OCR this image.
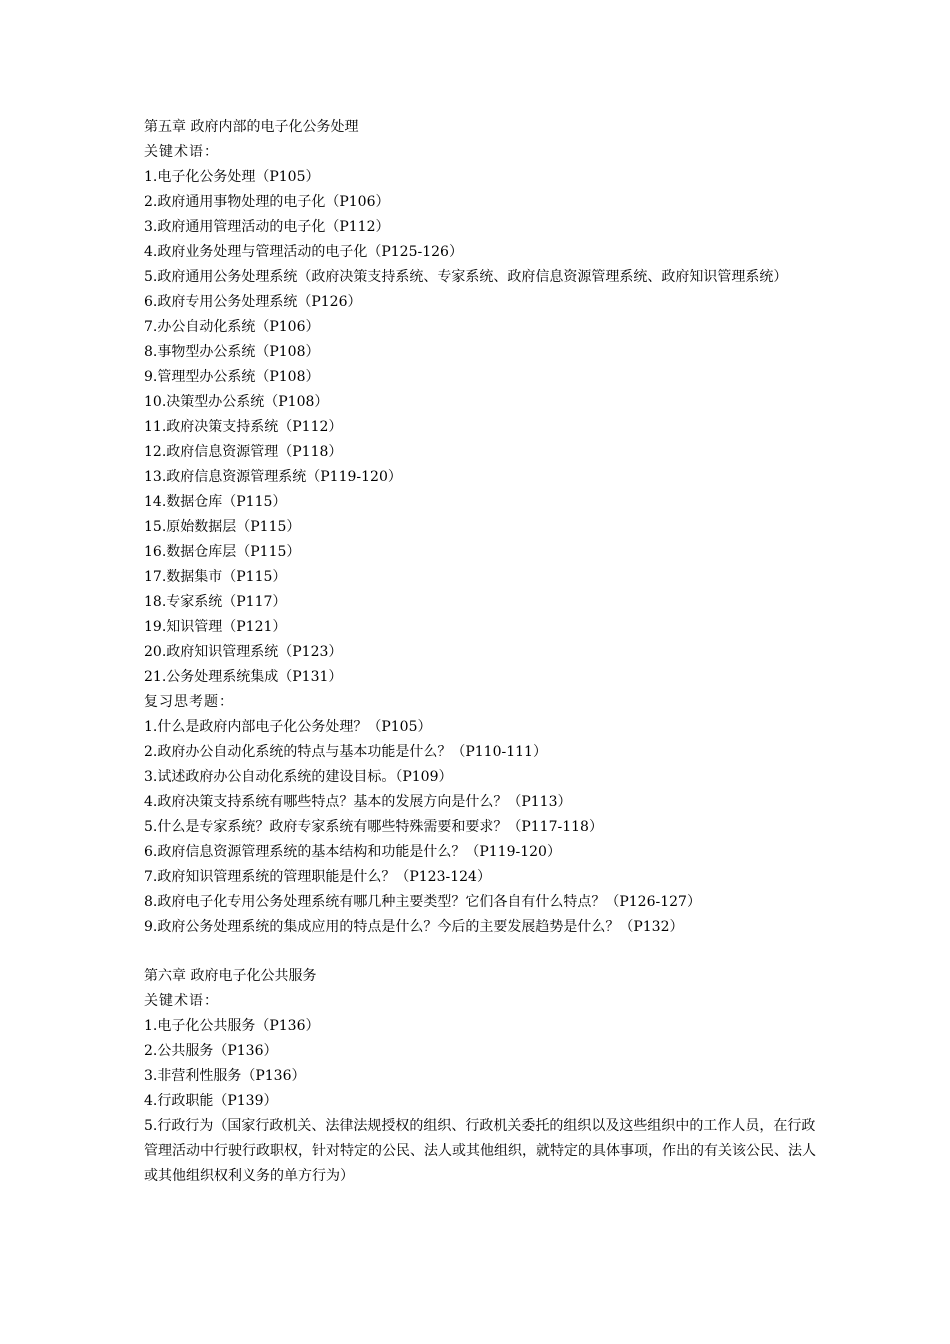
第五章 政府内部的电子化公务处理
关键术语：
1.电子化公务处理（P105）
2.政府通用事物处理的电子化（P106）
3.政府通用管理活动的电子化（P112）
4.政府业务处理与管理活动的电子化（P125-126）
5.政府通用公务处理系统（政府决策支持系统、专家系统、政府信息资源管理系统、政府知识管理系统）
6.政府专用公务处理系统（P126）
7.办公自动化系统（P106）
8.事物型办公系统（P108）
9.管理型办公系统（P108）
10.决策型办公系统（P108）
11.政府决策支持系统（P112）
12.政府信息资源管理（P118）
13.政府信息资源管理系统（P119-120）
14.数据仓库（P115）
15.原始数据层（P115）
16.数据仓库层（P115）
17.数据集市（P115）
18.专家系统（P117）
19.知识管理（P121）
20.政府知识管理系统（P123）
21.公务处理系统集成（P131）
复习思考题：
1.什么是政府内部电子化公务处理？（P105）
2.政府办公自动化系统的特点与基本功能是什么？（P110-111）
3.试述政府办公自动化系统的建设目标。（P109）
4.政府决策支持系统有哪些特点？基本的发展方向是什么？（P113）
5.什么是专家系统？政府专家系统有哪些特殊需要和要求？（P117-118）
6.政府信息资源管理系统的基本结构和功能是什么？（P119-120）
7.政府知识管理系统的管理职能是什么？（P123-124）
8.政府电子化专用公务处理系统有哪几种主要类型？它们各自有什么特点？（P126-127）
9.政府公务处理系统的集成应用的特点是什么？今后的主要发展趋势是什么？（P132）
第六章 政府电子化公共服务
关键术语：
1.电子化公共服务（P136）
2.公共服务（P136）
3.非营利性服务（P136）
4.行政职能（P139）
5.行政行为（国家行政机关、法律法规授权的组织、行政机关委托的组织以及这些组织中的工作人员，在行政管理活动中行驶行政职权，针对特定的公民、法人或其他组织，就特定的具体事项，作出的有关该公民、法人或其他组织权利义务的单方行为）
